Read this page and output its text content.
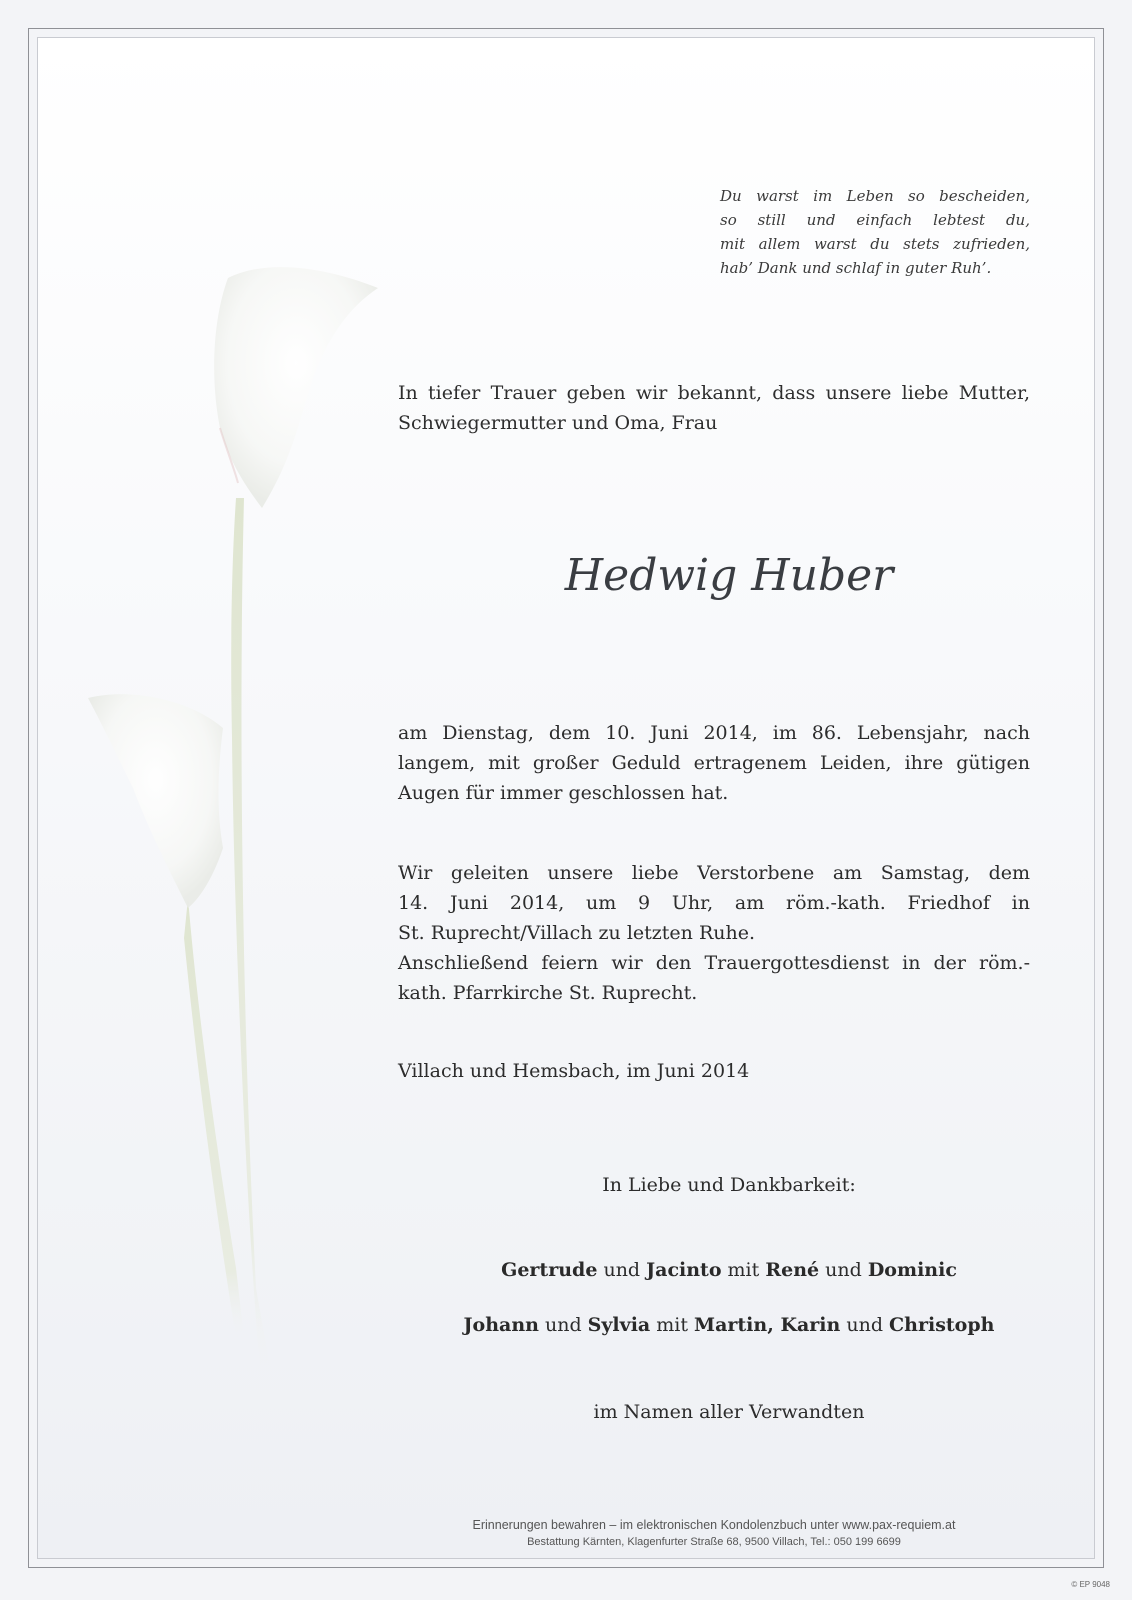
Du warst im Leben so bescheiden,
so still und einfach lebtest du,
mit allem warst du stets zufrieden,
hab’ Dank und schlaf in guter Ruh’.

In tiefer Trauer geben wir bekannt, dass unsere liebe Mutter,
Schwiegermutter und Oma, Frau

Hedwig Huber

am Dienstag, dem 10. Juni 2014, im 86. Lebensjahr, nach
langem, mit großer Geduld ertragenem Leiden, ihre gütigen
Augen für immer geschlossen hat.

Wir geleiten unsere liebe Verstorbene am Samstag, dem
14. Juni 2014, um 9 Uhr, am röm.-kath. Friedhof in
St. Ruprecht/Villach zu letzten Ruhe.
Anschließend feiern wir den Trauergottesdienst in der röm.-
kath. Pfarrkirche St. Ruprecht.

Villach und Hemsbach, im Juni 2014

In Liebe und Dankbarkeit:

Gertrude und Jacinto mit René und Dominic

Johann und Sylvia mit Martin, Karin und Christoph

im Namen aller Verwandten

Erinnerungen bewahren – im elektronischen Kondolenzbuch unter www.pax-requiem.at

Bestattung Kärnten, Klagenfurter Straße 68, 9500 Villach, Tel.: 050 199 6699

© EP 9048
